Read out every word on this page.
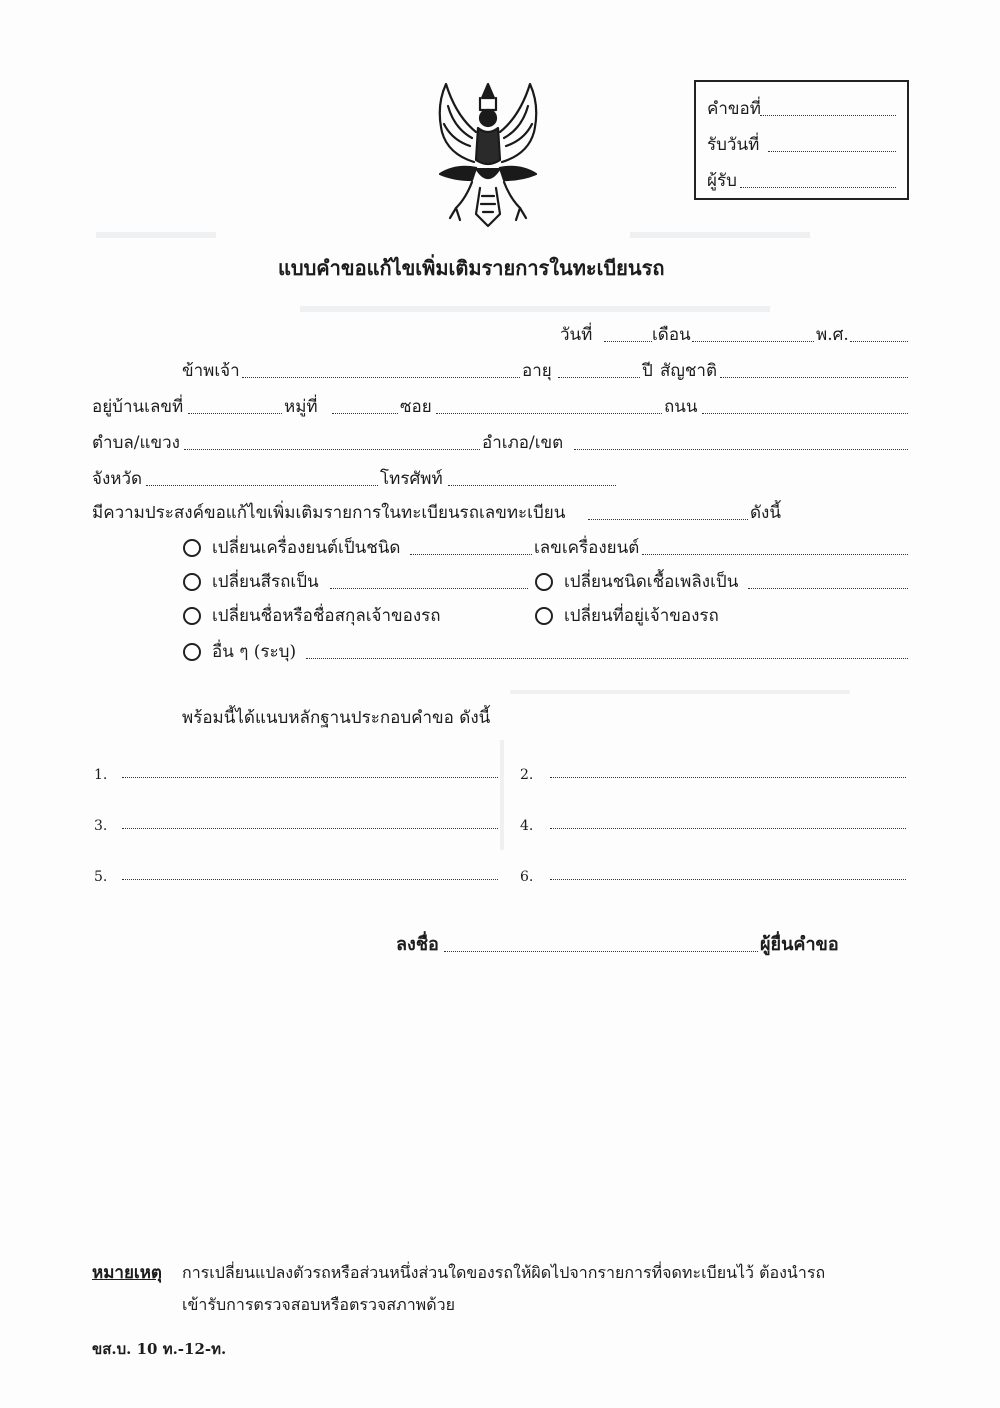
คำขอที่
รับวันที่
ผู้รับ
แบบคำขอแก้ไขเพิ่มเติมรายการในทะเบียนรถ
วันที่	เดือน	พ.ศ.
ข้าพเจ้า	อายุ	ปี สัญชาติ
อยู่บ้านเลขที่	หมู่ที่	ซอย	ถนน
ตำบล/แขวง	อำเภอ/เขต
จังหวัด	โทรศัพท์
มีความประสงค์ขอแก้ไขเพิ่มเติมรายการในทะเบียนรถเลขทะเบียน	ดังนี้
เปลี่ยนเครื่องยนต์เป็นชนิด	เลขเครื่องยนต์
เปลี่ยนสีรถเป็น	เปลี่ยนชนิดเชื้อเพลิงเป็น
เปลี่ยนชื่อหรือชื่อสกุลเจ้าของรถ	เปลี่ยนที่อยู่เจ้าของรถ
อื่น ๆ (ระบุ)
พร้อมนี้ได้แนบหลักฐานประกอบคำขอ ดังนี้
1.	2.
3.	4.
5.	6.
ลงชื่อ	ผู้ยื่นคำขอ
หมายเหตุ การเปลี่ยนแปลงตัวรถหรือส่วนหนึ่งส่วนใดของรถให้ผิดไปจากรายการที่จดทะเบียนไว้ ต้องนำรถ
เข้ารับการตรวจสอบหรือตรวจสภาพด้วย
ขส.บ. 10 ท.-12-ท.
